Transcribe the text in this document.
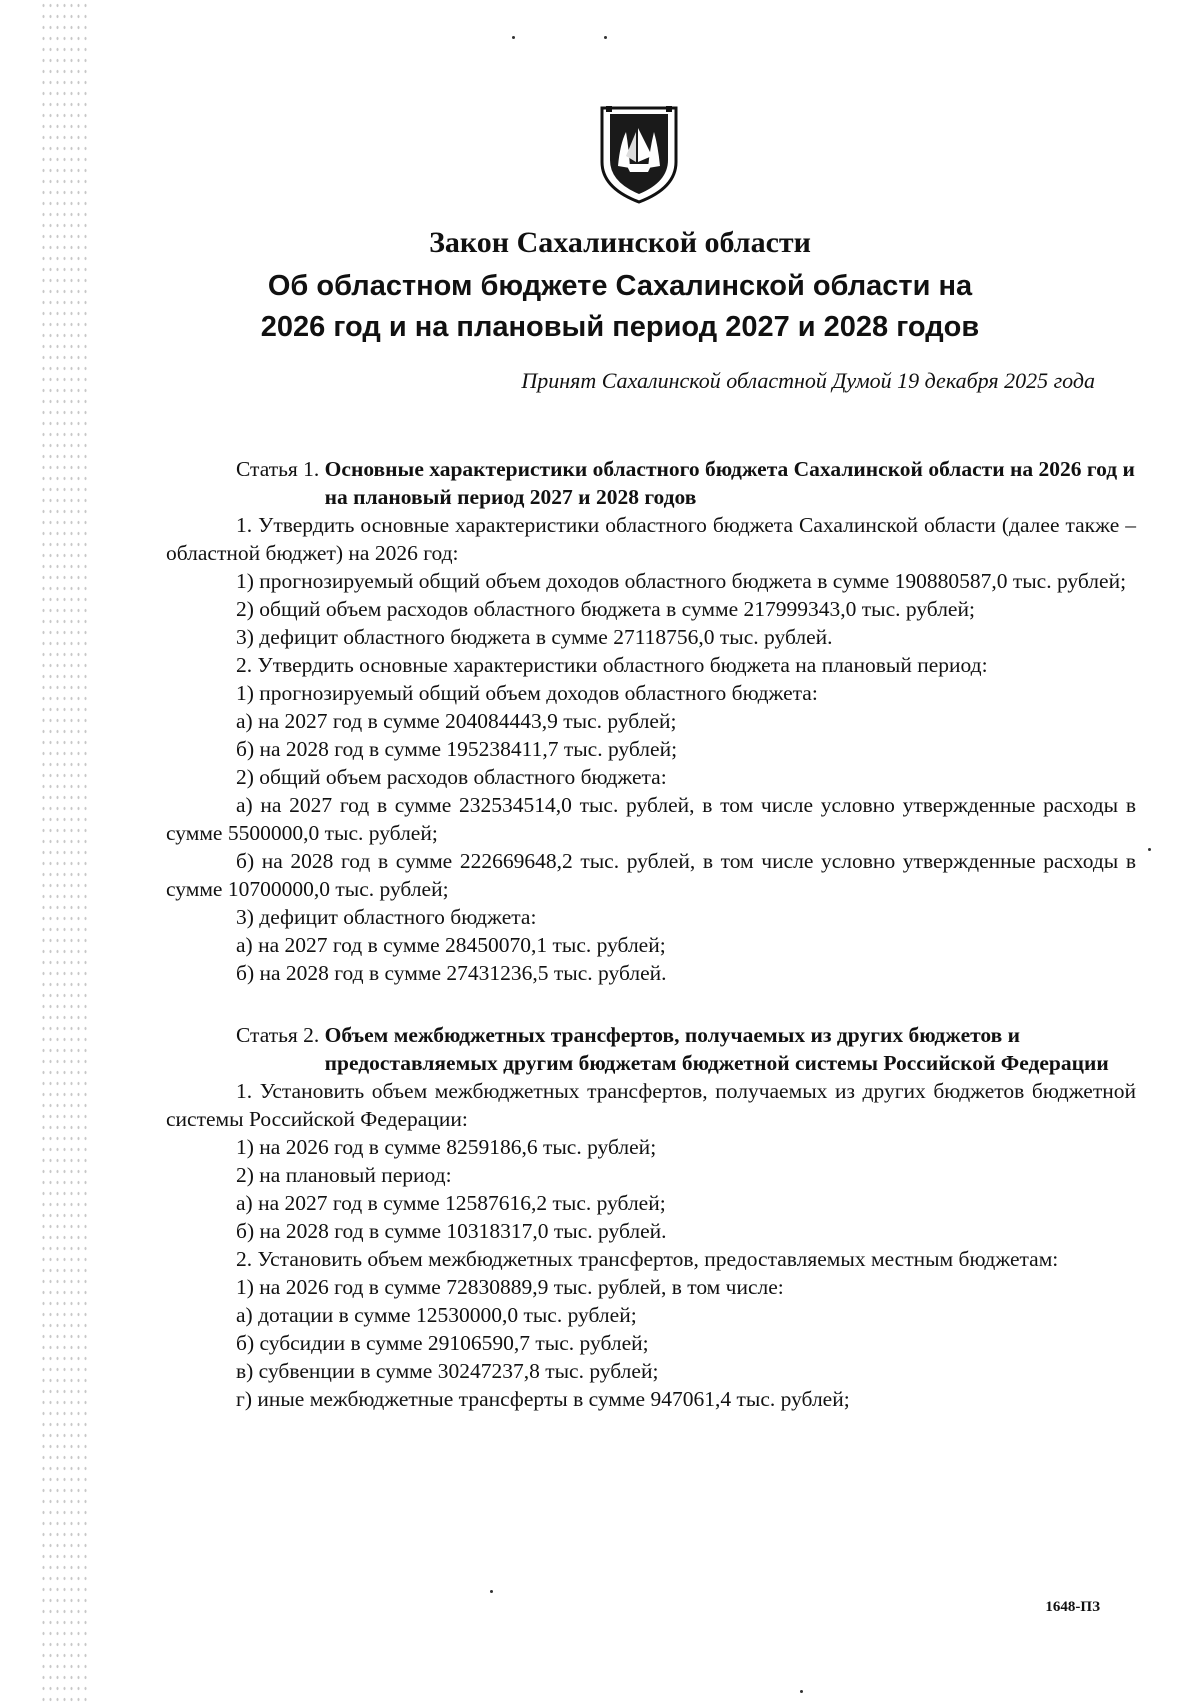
Закон Сахалинской области
Об областном бюджете Сахалинской области на
2026 год и на плановый период 2027 и 2028 годов

Принят Сахалинской областной Думой 19 декабря 2025 года

Статья 1. Основные характеристики областного бюджета Сахалинской области на 2026 год и на плановый период 2027 и 2028 годов

1. Утвердить основные характеристики областного бюджета Сахалинской области (далее также – областной бюджет) на 2026 год:

1) прогнозируемый общий объем доходов областного бюджета в сумме 190880587,0 тыс. рублей;

2) общий объем расходов областного бюджета в сумме 217999343,0 тыс. рублей;

3) дефицит областного бюджета в сумме 27118756,0 тыс. рублей.

2. Утвердить основные характеристики областного бюджета на плановый период:

1) прогнозируемый общий объем доходов областного бюджета:

а) на 2027 год в сумме 204084443,9 тыс. рублей;

б) на 2028 год в сумме 195238411,7 тыс. рублей;

2) общий объем расходов областного бюджета:

а) на 2027 год в сумме 232534514,0 тыс. рублей, в том числе условно утвержденные расходы в сумме 5500000,0 тыс. рублей;

б) на 2028 год в сумме 222669648,2 тыс. рублей, в том числе условно утвержденные расходы в сумме 10700000,0 тыс. рублей;

3) дефицит областного бюджета:

а) на 2027 год в сумме 28450070,1 тыс. рублей;

б) на 2028 год в сумме 27431236,5 тыс. рублей.

Статья 2. Объем межбюджетных трансфертов, получаемых из других бюджетов и предоставляемых другим бюджетам бюджетной системы Российской Федерации

1. Установить объем межбюджетных трансфертов, получаемых из других бюджетов бюджетной системы Российской Федерации:

1) на 2026 год в сумме 8259186,6 тыс. рублей;

2) на плановый период:

а) на 2027 год в сумме 12587616,2 тыс. рублей;

б) на 2028 год в сумме 10318317,0 тыс. рублей.

2. Установить объем межбюджетных трансфертов, предоставляемых местным бюджетам:

1) на 2026 год в сумме 72830889,9 тыс. рублей, в том числе:

а) дотации в сумме 12530000,0 тыс. рублей;

б) субсидии в сумме 29106590,7 тыс. рублей;

в) субвенции в сумме 30247237,8 тыс. рублей;

г) иные межбюджетные трансферты в сумме 947061,4 тыс. рублей;

1648-ПЗ
